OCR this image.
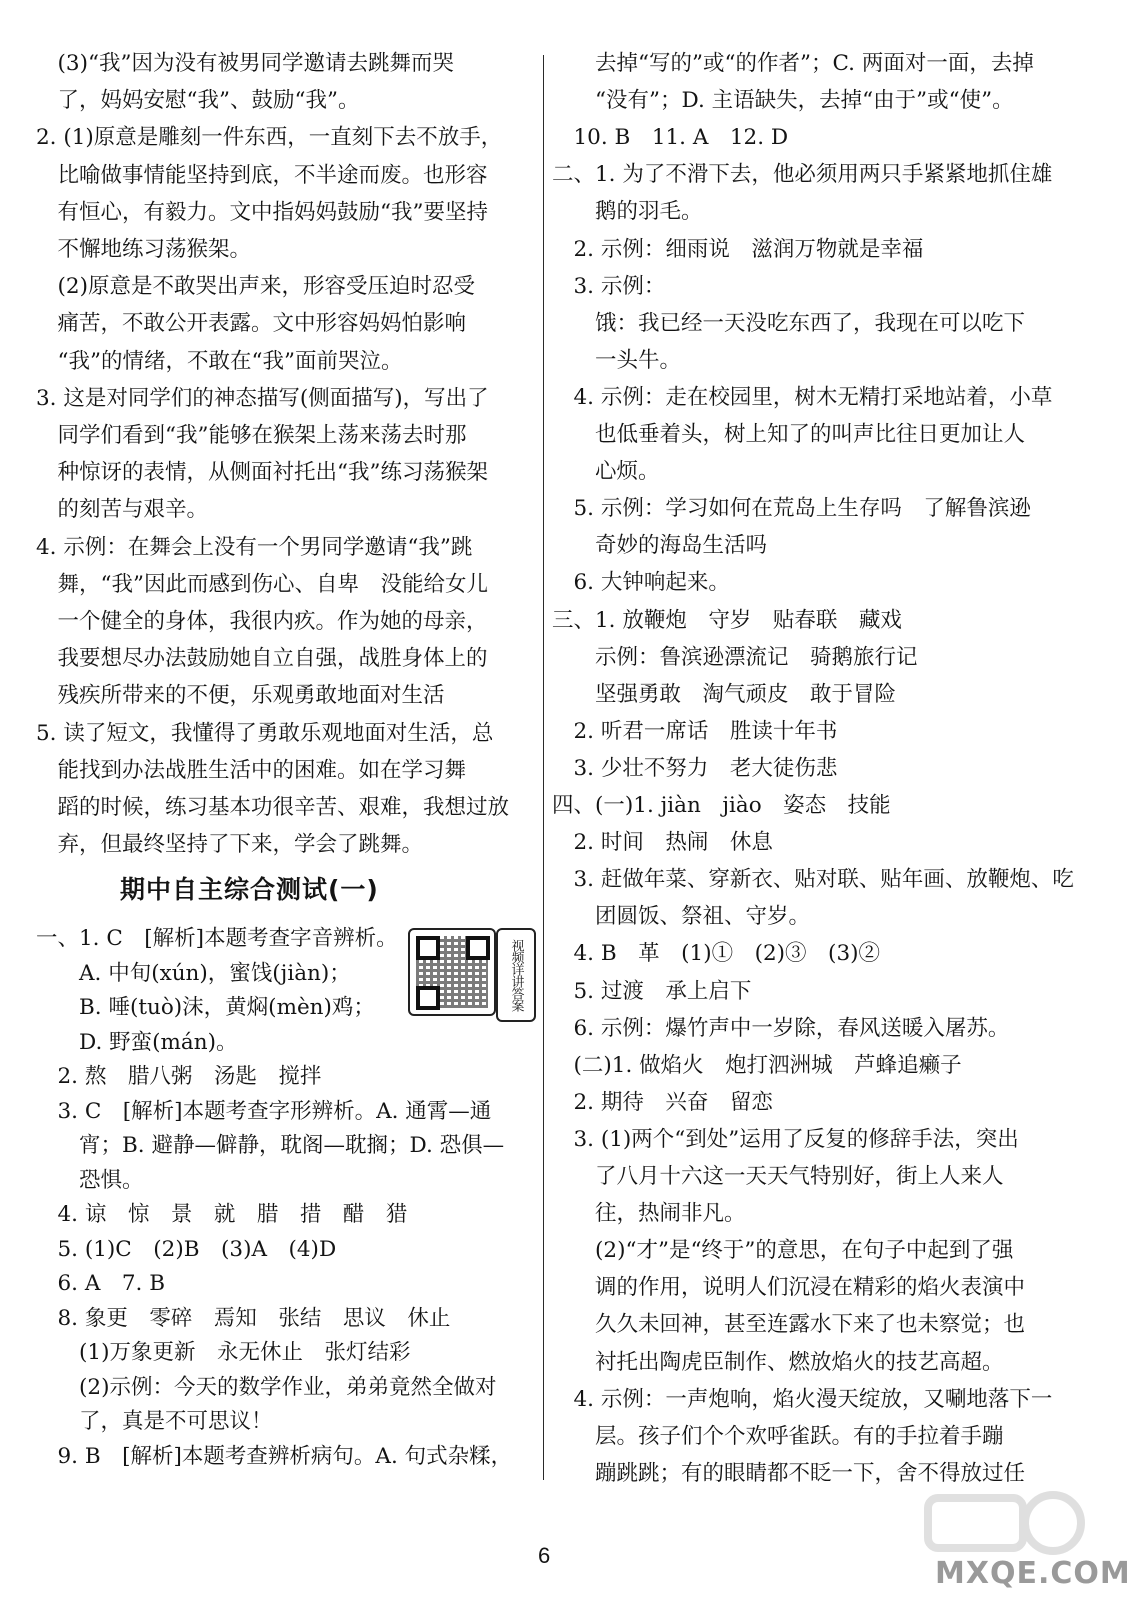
　(3)“我”因为没有被男同学邀请去跳舞而哭
　了，妈妈安慰“我”、鼓励“我”。
2. (1)原意是雕刻一件东西，一直刻下去不放手，
　比喻做事情能坚持到底，不半途而废。也形容
　有恒心，有毅力。文中指妈妈鼓励“我”要坚持
　不懈地练习荡猴架。
　(2)原意是不敢哭出声来，形容受压迫时忍受
　痛苦，不敢公开表露。文中形容妈妈怕影响
　“我”的情绪，不敢在“我”面前哭泣。
3. 这是对同学们的神态描写(侧面描写)，写出了
　同学们看到“我”能够在猴架上荡来荡去时那
　种惊讶的表情，从侧面衬托出“我”练习荡猴架
　的刻苦与艰辛。
4. 示例：在舞会上没有一个男同学邀请“我”跳
　舞，“我”因此而感到伤心、自卑　没能给女儿
　一个健全的身体，我很内疚。作为她的母亲，
　我要想尽办法鼓励她自立自强，战胜身体上的
　残疾所带来的不便，乐观勇敢地面对生活
5. 读了短文，我懂得了勇敢乐观地面对生活，总
　能找到办法战胜生活中的困难。如在学习舞
　蹈的时候，练习基本功很辛苦、艰难，我想过放
　弃，但最终坚持了下来，学会了跳舞。
期中自主综合测试(一)
一、1. C　[解析]本题考查字音辨析。
　　A. 中旬(xún)，蜜饯(jiàn)；
　　B. 唾(tuò)沫，黄焖(mèn)鸡；
　　D. 野蛮(mán)。
　2. 熬　腊八粥　汤匙　搅拌
　3. C　[解析]本题考查字形辨析。A. 通霄—通
　　宵；B. 避静—僻静，耽阁—耽搁；D. 恐俱—
　　恐惧。
　4. 谅　惊　景　就　腊　措　醋　猎
　5. (1)C　(2)B　(3)A　(4)D
　6. A　7. B
　8. 象更　零碎　焉知　张结　思议　休止
　　(1)万象更新　永无休止　张灯结彩
　　(2)示例：今天的数学作业，弟弟竟然全做对
　　了，真是不可思议！
　9. B　[解析]本题考查辨析病句。A. 句式杂糅，
视频详讲答案
　　去掉“写的”或“的作者”；C. 两面对一面，去掉
　　“没有”；D. 主语缺失，去掉“由于”或“使”。
　10. B　11. A　12. D
二、1. 为了不滑下去，他必须用两只手紧紧地抓住雄
　　鹅的羽毛。
　2. 示例：细雨说　滋润万物就是幸福
　3. 示例：
　　饿：我已经一天没吃东西了，我现在可以吃下
　　一头牛。
　4. 示例：走在校园里，树木无精打采地站着，小草
　　也低垂着头，树上知了的叫声比往日更加让人
　　心烦。
　5. 示例：学习如何在荒岛上生存吗　了解鲁滨逊
　　奇妙的海岛生活吗
　6. 大钟响起来。
三、1. 放鞭炮　守岁　贴春联　藏戏
　　示例：鲁滨逊漂流记　骑鹅旅行记
　　坚强勇敢　淘气顽皮　敢于冒险
　2. 听君一席话　胜读十年书
　3. 少壮不努力　老大徒伤悲
四、(一)1. jiàn　jiào　姿态　技能
　2. 时间　热闹　休息
　3. 赶做年菜、穿新衣、贴对联、贴年画、放鞭炮、吃
　　团圆饭、祭祖、守岁。
　4. B　革　(1)①　(2)③　(3)②
　5. 过渡　承上启下
　6. 示例：爆竹声中一岁除，春风送暖入屠苏。
　(二)1. 做焰火　炮打泗洲城　芦蜂追癞子
　2. 期待　兴奋　留恋
　3. (1)两个“到处”运用了反复的修辞手法，突出
　　了八月十六这一天天气特别好，街上人来人
　　往，热闹非凡。
　　(2)“才”是“终于”的意思，在句子中起到了强
　　调的作用，说明人们沉浸在精彩的焰火表演中
　　久久未回神，甚至连露水下来了也未察觉；也
　　衬托出陶虎臣制作、燃放焰火的技艺高超。
　4. 示例：一声炮响，焰火漫天绽放，又唰地落下一
　　层。孩子们个个欢呼雀跃。有的手拉着手蹦
　　蹦跳跳；有的眼睛都不眨一下，舍不得放过任
6
MXQE.COM
